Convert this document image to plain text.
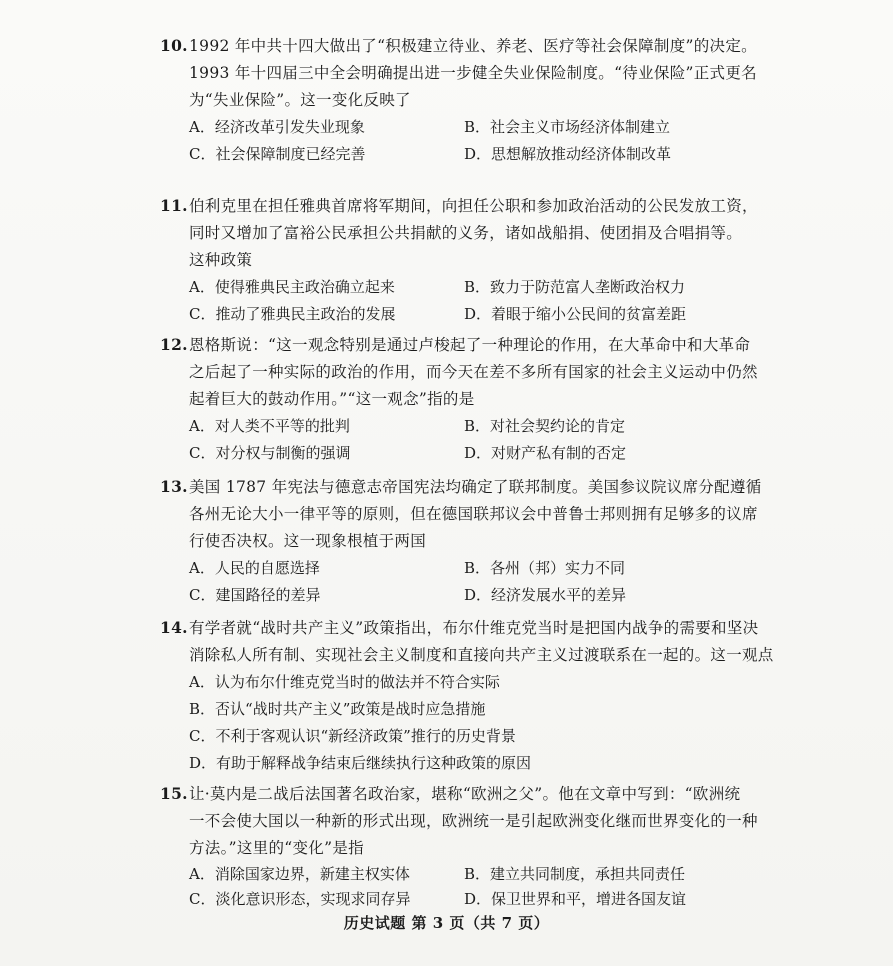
10.1992 年中共十四大做出了“积极建立待业、养老、医疗等社会保障制度”的决定。
1993 年十四届三中全会明确提出进一步健全失业保险制度。“待业保险”正式更名
为“失业保险”。这一变化反映了
A．经济改革引发失业现象	B．社会主义市场经济体制建立
C．社会保障制度已经完善	D．思想解放推动经济体制改革
11.伯利克里在担任雅典首席将军期间，向担任公职和参加政治活动的公民发放工资，
同时又增加了富裕公民承担公共捐献的义务，诸如战船捐、使团捐及合唱捐等。
这种政策
A．使得雅典民主政治确立起来	B．致力于防范富人垄断政治权力
C．推动了雅典民主政治的发展	D．着眼于缩小公民间的贫富差距
12.恩格斯说：“这一观念特别是通过卢梭起了一种理论的作用，在大革命中和大革命
之后起了一种实际的政治的作用，而今天在差不多所有国家的社会主义运动中仍然
起着巨大的鼓动作用。”“这一观念”指的是
A．对人类不平等的批判	B．对社会契约论的肯定
C．对分权与制衡的强调	D．对财产私有制的否定
13.美国 1787 年宪法与德意志帝国宪法均确定了联邦制度。美国参议院议席分配遵循
各州无论大小一律平等的原则，但在德国联邦议会中普鲁士邦则拥有足够多的议席
行使否决权。这一现象根植于两国
A．人民的自愿选择	B．各州（邦）实力不同
C．建国路径的差异	D．经济发展水平的差异
14.有学者就“战时共产主义”政策指出，布尔什维克党当时是把国内战争的需要和坚决
消除私人所有制、实现社会主义制度和直接向共产主义过渡联系在一起的。这一观点
A．认为布尔什维克党当时的做法并不符合实际
B．否认“战时共产主义”政策是战时应急措施
C．不利于客观认识“新经济政策”推行的历史背景
D．有助于解释战争结束后继续执行这种政策的原因
15.让·莫内是二战后法国著名政治家，堪称“欧洲之父”。他在文章中写到：“欧洲统
一不会使大国以一种新的形式出现，欧洲统一是引起欧洲变化继而世界变化的一种
方法。”这里的“变化”是指
A．消除国家边界，新建主权实体	B．建立共同制度，承担共同责任
C．淡化意识形态，实现求同存异	D．保卫世界和平，增进各国友谊
历史试题 第 3 页（共 7 页）
